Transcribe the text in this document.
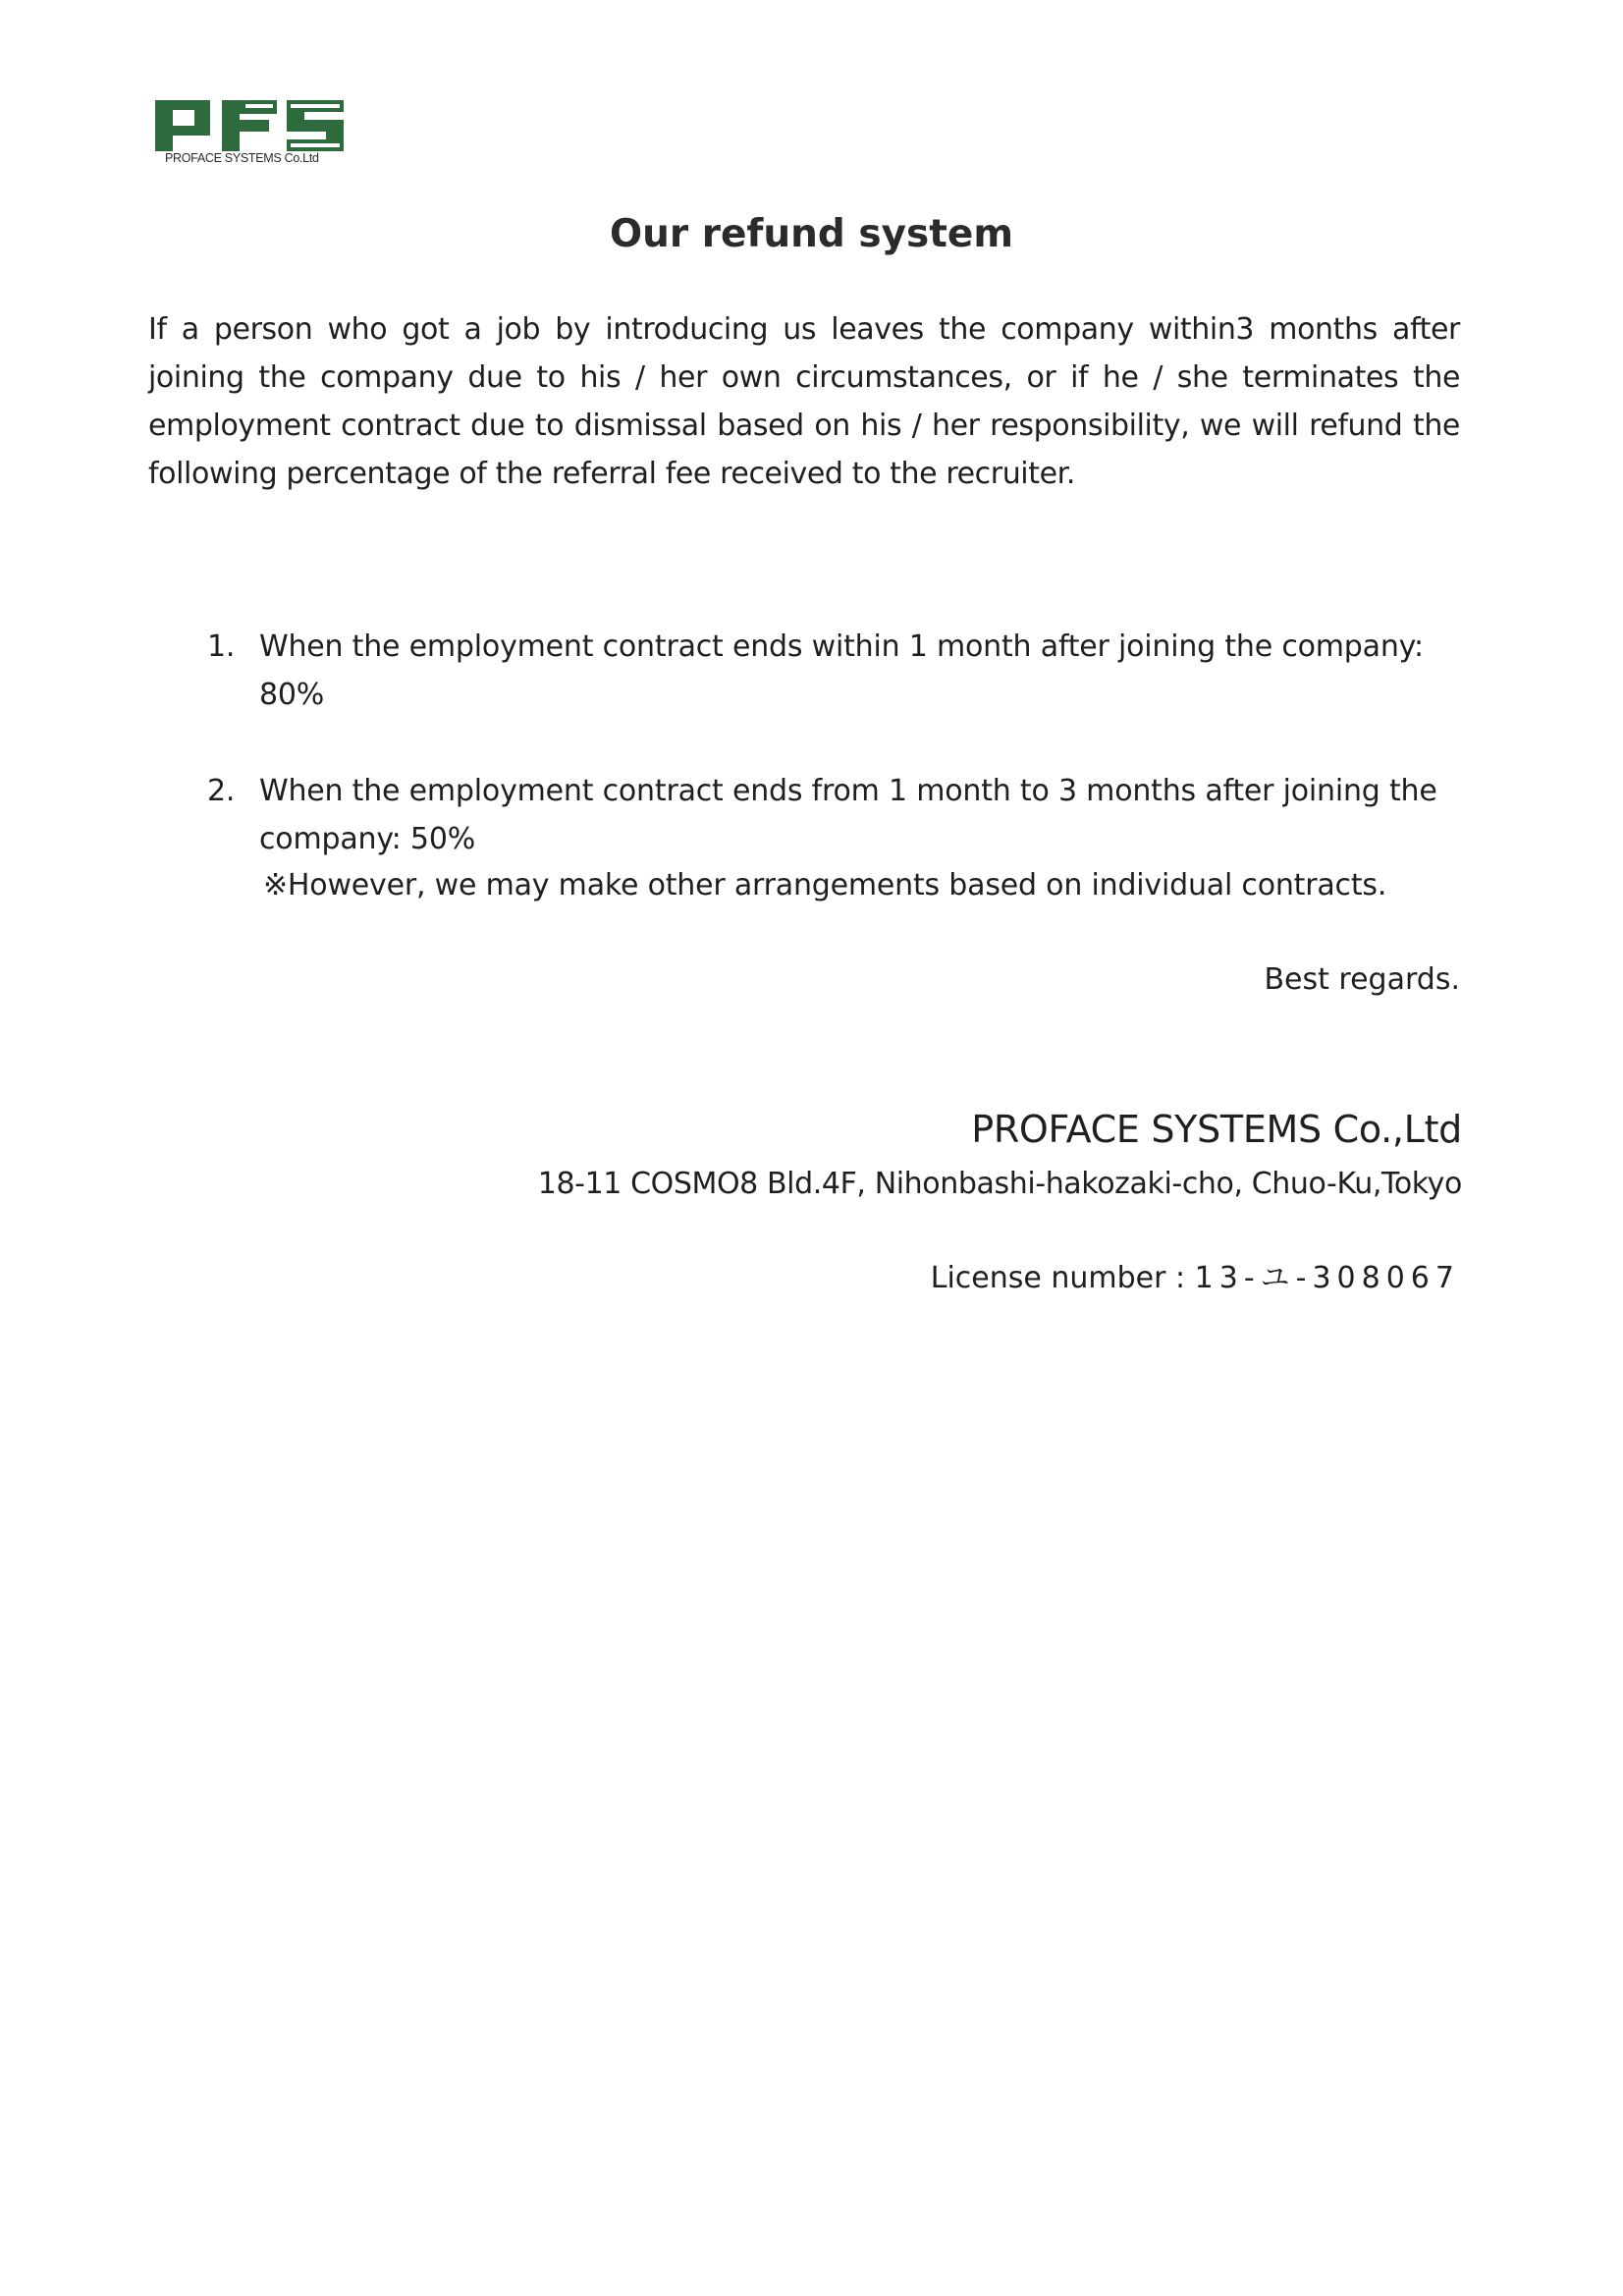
PROFACE SYSTEMS Co.Ltd
Our refund system

If a person who got a job by introducing us leaves the company within3 months after joining the company due to his / her own circumstances, or if he / she terminates the employment contract due to dismissal based on his / her responsibility, we will refund the following percentage of the referral fee received to the recruiter.

1. When the employment contract ends within 1 month after joining the company: 80%
2. When the employment contract ends from 1 month to 3 months after joining the company: 50%
※However, we may make other arrangements based on individual contracts.
Best regards.
PROFACE SYSTEMS Co.,Ltd
18-11 COSMO8 Bld.4F, Nihonbashi-hakozaki-cho, Chuo-Ku,Tokyo
License number : 13-ユ-308067
